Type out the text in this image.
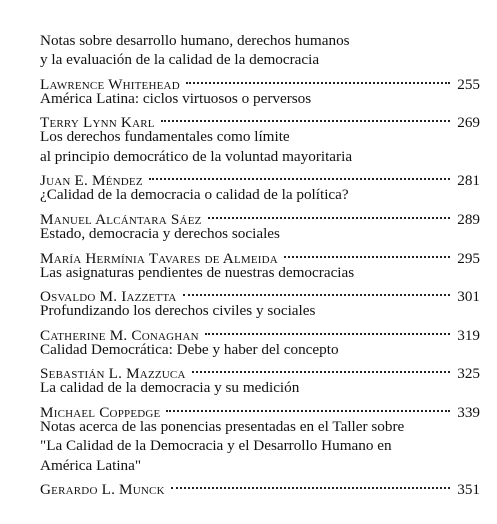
Notas sobre desarrollo humano, derechos humanos
y la evaluación de la calidad de la democracia
Lawrence Whitehead	255
América Latina: ciclos virtuosos o perversos
Terry Lynn Karl	269
Los derechos fundamentales como límite
al principio democrático de la voluntad mayoritaria
Juan E. Méndez	281
¿Calidad de la democracia o calidad de la política?
Manuel Alcántara Sáez	289
Estado, democracia y derechos sociales
María Hermínia Tavares de Almeida	295
Las asignaturas pendientes de nuestras democracias
Osvaldo M. Iazzetta	301
Profundizando los derechos civiles y sociales
Catherine M. Conaghan	319
Calidad Democrática: Debe y haber del concepto
Sebastián L. Mazzuca	325
La calidad de la democracia y su medición
Michael Coppedge	339
Notas acerca de las ponencias presentadas en el Taller sobre
"La Calidad de la Democracia y el Desarrollo Humano en
América Latina"
Gerardo L. Munck	351
